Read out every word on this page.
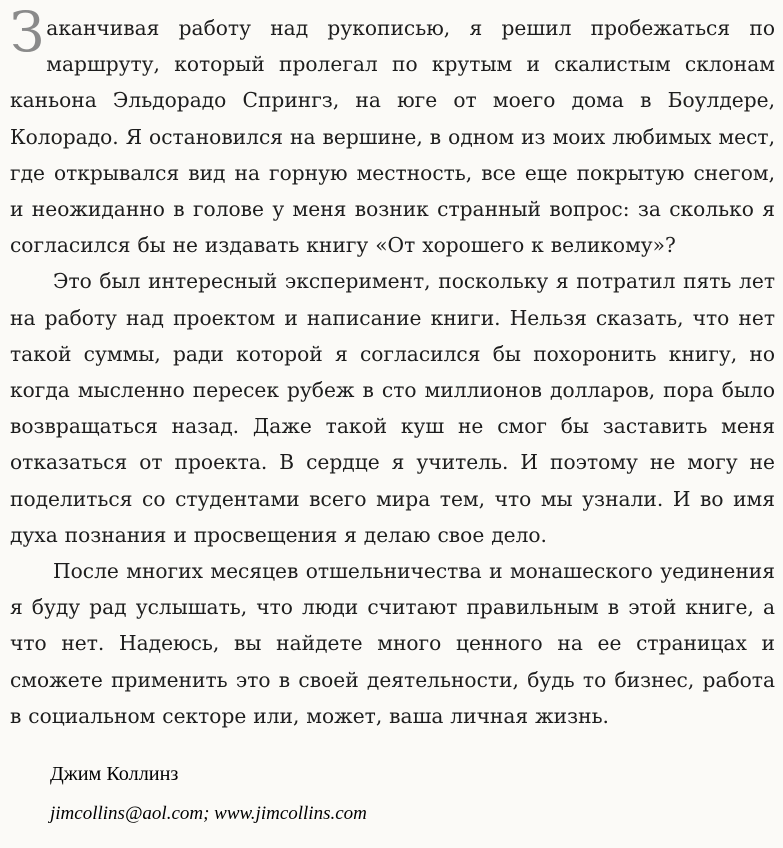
Заканчивая работу над рукописью, я решил пробежаться по маршруту, который пролегал по крутым и скалистым склонам каньона Эльдорадо Спрингз, на юге от моего дома в Боулдере, Колорадо. Я остановился на вершине, в одном из моих любимых мест, где открывался вид на горную местность, все еще покрытую снегом, и неожиданно в голове у меня возник странный вопрос: за сколько я согласился бы не издавать книгу «От хорошего к великому»?

Это был интересный эксперимент, поскольку я потратил пять лет на работу над проектом и написание книги. Нельзя сказать, что нет такой суммы, ради которой я согласился бы похоронить книгу, но когда мысленно пересек рубеж в сто миллионов долларов, пора было возвращаться назад. Даже такой куш не смог бы заставить меня отказаться от проекта. В сердце я учитель. И поэтому не могу не поделиться со студентами всего мира тем, что мы узнали. И во имя духа познания и просвещения я делаю свое дело.

После многих месяцев отшельничества и монашеского уединения я буду рад услышать, что люди считают правильным в этой книге, а что нет. Надеюсь, вы найдете много ценного на ее страницах и сможете применить это в своей деятельности, будь то бизнес, работа в социальном секторе или, может, ваша личная жизнь.

Джим Коллинз

jimcollins@aol.com; www.jimcollins.com
